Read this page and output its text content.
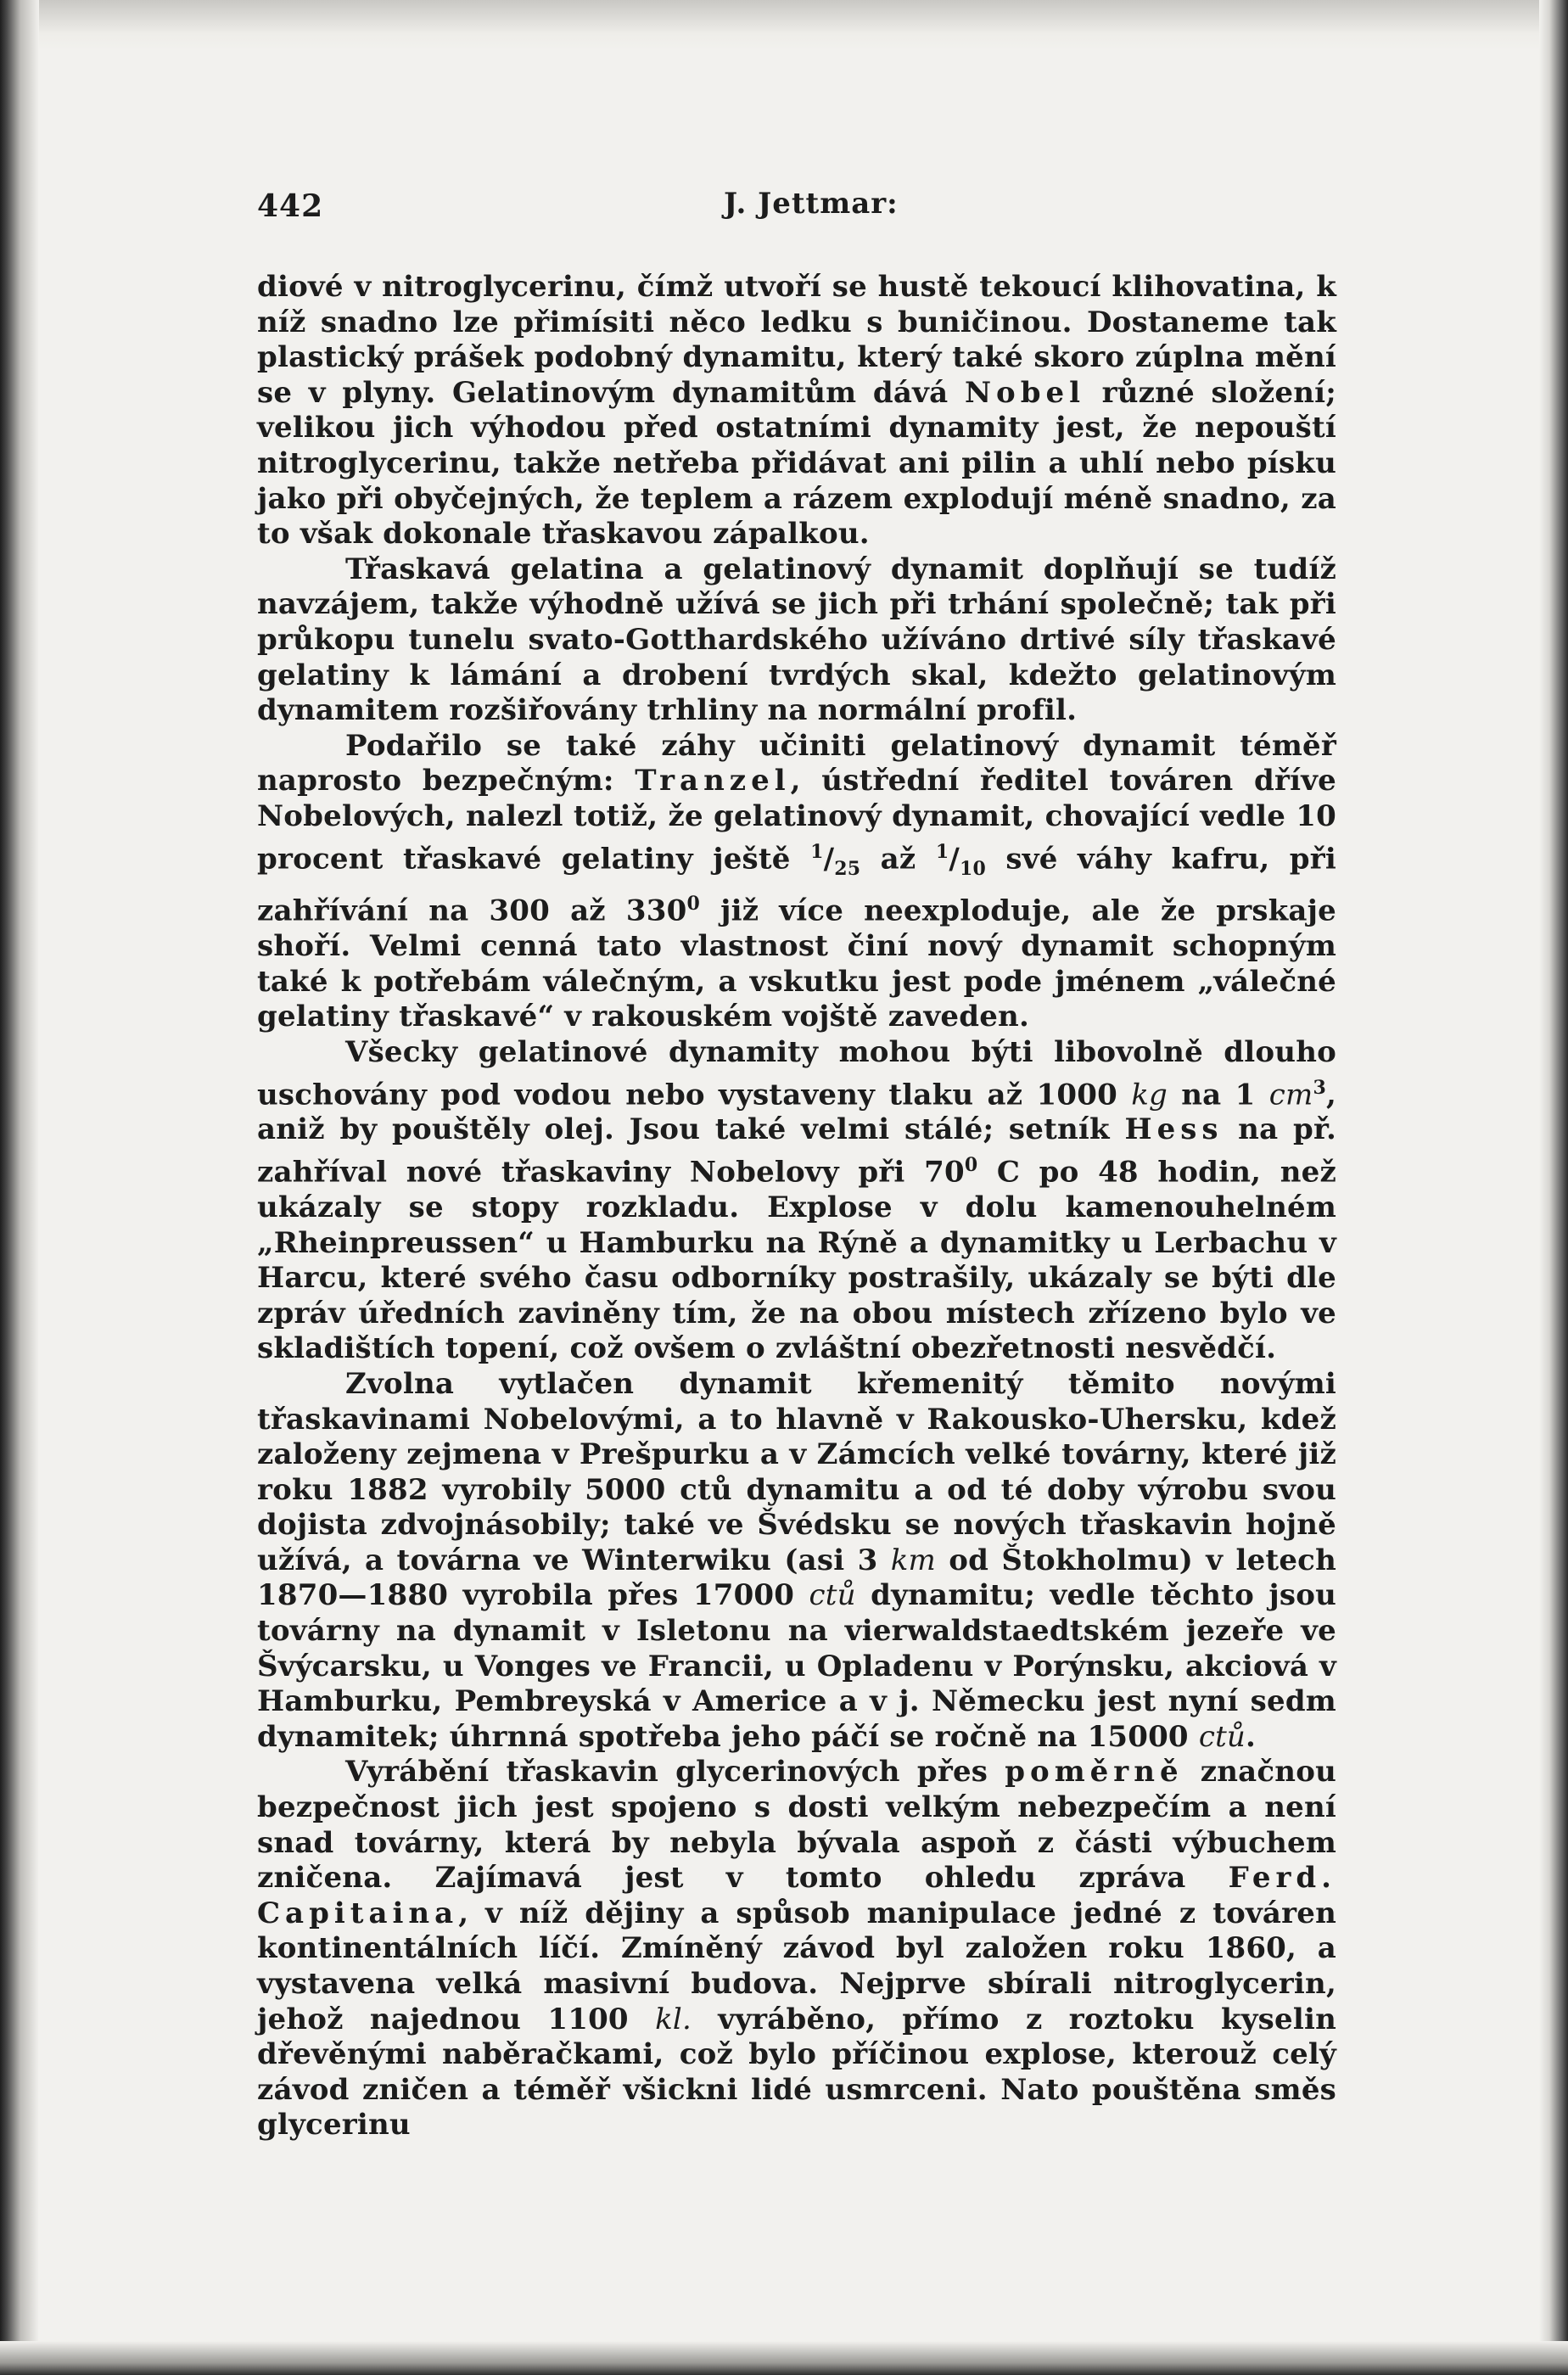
442	J. Jettmar:

diové v nitroglycerinu, čímž utvoří se hustě tekoucí klihovatina, k níž snadno lze přimísiti něco ledku s buničinou. Dostaneme tak plastický prášek podobný dynamitu, který také skoro zúplna mění se v plyny. Gelatinovým dynamitům dává Nobel různé složení; velikou jich výhodou před ostatními dynamity jest, že nepouští nitroglycerinu, takže netřeba přidávat ani pilin a uhlí nebo písku jako při obyčejných, že teplem a rázem explodují méně snadno, za to však dokonale třaskavou zápalkou.

Třaskavá gelatina a gelatinový dynamit doplňují se tudíž navzájem, takže výhodně užívá se jich při trhání společně; tak při průkopu tunelu svato-Gotthardského užíváno drtivé síly třaskavé gelatiny k lámání a drobení tvrdých skal, kdežto gelatinovým dynamitem rozšiřovány trhliny na normální profil.

Podařilo se také záhy učiniti gelatinový dynamit téměř naprosto bezpečným: Tranzel, ústřední ředitel továren dříve Nobelových, nalezl totiž, že gelatinový dynamit, chovající vedle 10 procent třaskavé gelatiny ještě $^1/_{25}$ až $^1/_{10}$ své váhy kafru, při zahřívání na 300 až $330^0$ již více neexploduje, ale že prskaje shoří. Velmi cenná tato vlastnost činí nový dynamit schopným také k potřebám válečným, a vskutku jest pode jménem „válečné gelatiny třaskavé“ v rakouském vojště zaveden.

Všecky gelatinové dynamity mohou býti libovolně dlouho uschovány pod vodou nebo vystaveny tlaku až 1000 kg na 1 $cm^3$, aniž by pouštěly olej. Jsou také velmi stálé; setník Hess na př. zahříval nové třaskaviny Nobelovy při $70^0$ C po 48 hodin, než ukázaly se stopy rozkladu. Explose v dolu kamenouhelném „Rheinpreussen“ u Hamburku na Rýně a dynamitky u Lerbachu v Harcu, které svého času odborníky postrašily, ukázaly se býti dle zpráv úředních zaviněny tím, že na obou místech zřízeno bylo ve skladištích topení, což ovšem o zvláštní obezřetnosti nesvědčí.

Zvolna vytlačen dynamit křemenitý těmito novými třaskavinami Nobelovými, a to hlavně v Rakousko-Uhersku, kdež založeny zejmena v Prešpurku a v Zámcích velké továrny, které již roku 1882 vyrobily 5000 ctů dynamitu a od té doby výrobu svou dojista zdvojnásobily; také ve Švédsku se nových třaskavin hojně užívá, a továrna ve Winterwiku (asi 3 km od Štokholmu) v letech 1870—1880 vyrobila přes 17000 ctů dynamitu; vedle těchto jsou továrny na dynamit v Isletonu na vierwaldstaedtském jezeře ve Švýcarsku, u Vonges ve Francii, u Opladenu v Porýnsku, akciová v Hamburku, Pembreyská v Americe a v j. Německu jest nyní sedm dynamitek; úhrnná spotřeba jeho páčí se ročně na 15000 ctů.

Vyrábění třaskavin glycerinových přes poměrně značnou bezpečnost jich jest spojeno s dosti velkým nebezpečím a není snad továrny, která by nebyla bývala aspoň z části výbuchem zničena. Zajímavá jest v tomto ohledu zpráva Ferd. Capitaina, v níž dějiny a spůsob manipulace jedné z továren kontinentálních líčí. Zmíněný závod byl založen roku 1860, a vystavena velká masivní budova. Nejprve sbírali nitroglycerin, jehož najednou 1100 kl. vyráběno, přímo z roztoku kyselin dřevěnými naběračkami, což bylo příčinou explose, kterouž celý závod zničen a téměř všickni lidé usmrceni. Nato pouštěna směs glycerinu
